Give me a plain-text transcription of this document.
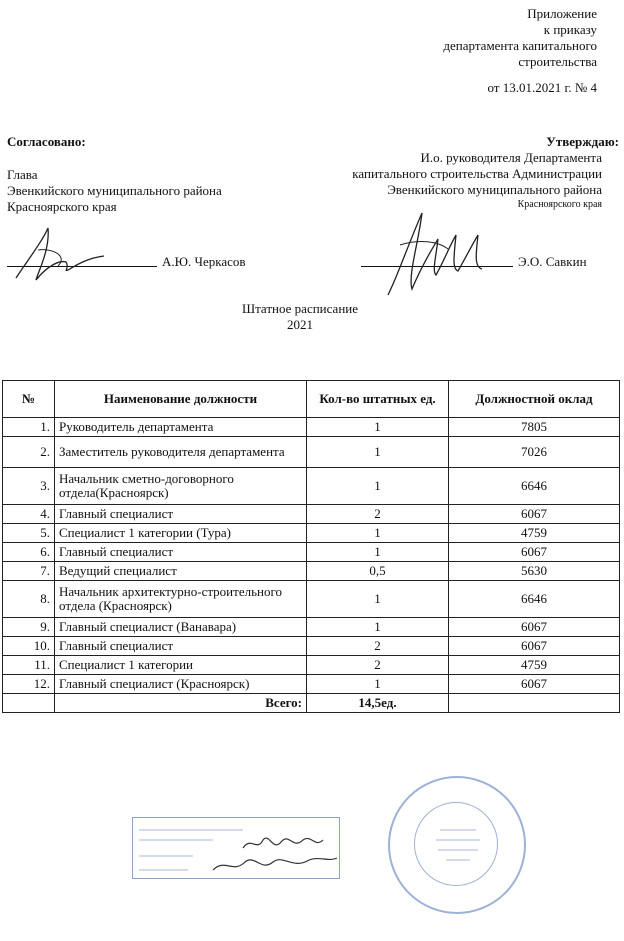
Приложение
к приказу
департамента капитального
строительства
от 13.01.2021 г. № 4
Согласовано:
Глава
Эвенкийского муниципального района
Красноярского края
А.Ю. Черкасов
Утверждаю:
И.о. руководителя Департамента
капитального строительства Администрации
Эвенкийского муниципального района
Красноярского края
Э.О. Савкин
Штатное расписание
2021
№	Наименование должности	Кол-во штатных ед.	Должностной оклад
1.	Руководитель департамента	1	7805
2.	Заместитель руководителя департамента	1	7026
3.	Начальник сметно-договорного отдела(Красноярск)	1	6646
4.	Главный специалист	2	6067
5.	Специалист 1 категории (Тура)	1	4759
6.	Главный специалист	1	6067
7.	Ведущий специалист	0,5	5630
8.	Начальник архитектурно-строительного отдела (Красноярск)	1	6646
9.	Главный специалист (Ванавара)	1	6067
10.	Главный специалист	2	6067
11.	Специалист 1 категории	2	4759
12.	Главный специалист (Красноярск)	1	6067
	Всего:	14,5ед.	
